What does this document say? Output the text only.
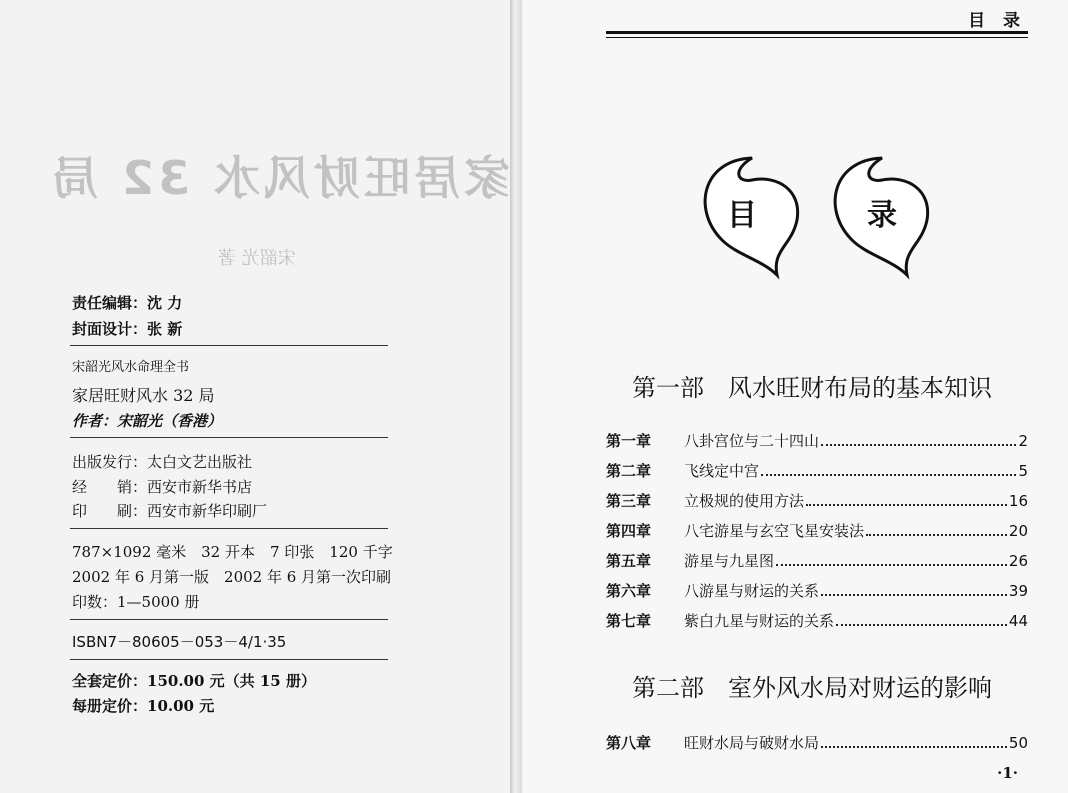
家居旺财风水 32 局
宋韶光 著
责任编辑：沈 力
封面设计：张 新
宋韶光风水命理全书
家居旺财风水 32 局
作者：宋韶光（香港）
出版发行：太白文艺出版社
经　　销：西安市新华书店
印　　刷：西安市新华印刷厂
787×1092 毫米　32 开本　7 印张　120 千字
2002 年 6 月第一版　2002 年 6 月第一次印刷
印数：1—5000 册
ISBN7－80605－053－4/1·35
全套定价：150.00 元（共 15 册）
每册定价：10.00 元
目 录
目	录
第一部　风水旺财布局的基本知识
第一章	八卦宫位与二十四山	2
第二章	飞线定中宫	5
第三章	立极规的使用方法	16
第四章	八宅游星与玄空飞星安装法	20
第五章	游星与九星图	26
第六章	八游星与财运的关系	39
第七章	紫白九星与财运的关系	44
第二部　室外风水局对财运的影响
第八章	旺财水局与破财水局	50
·1·
